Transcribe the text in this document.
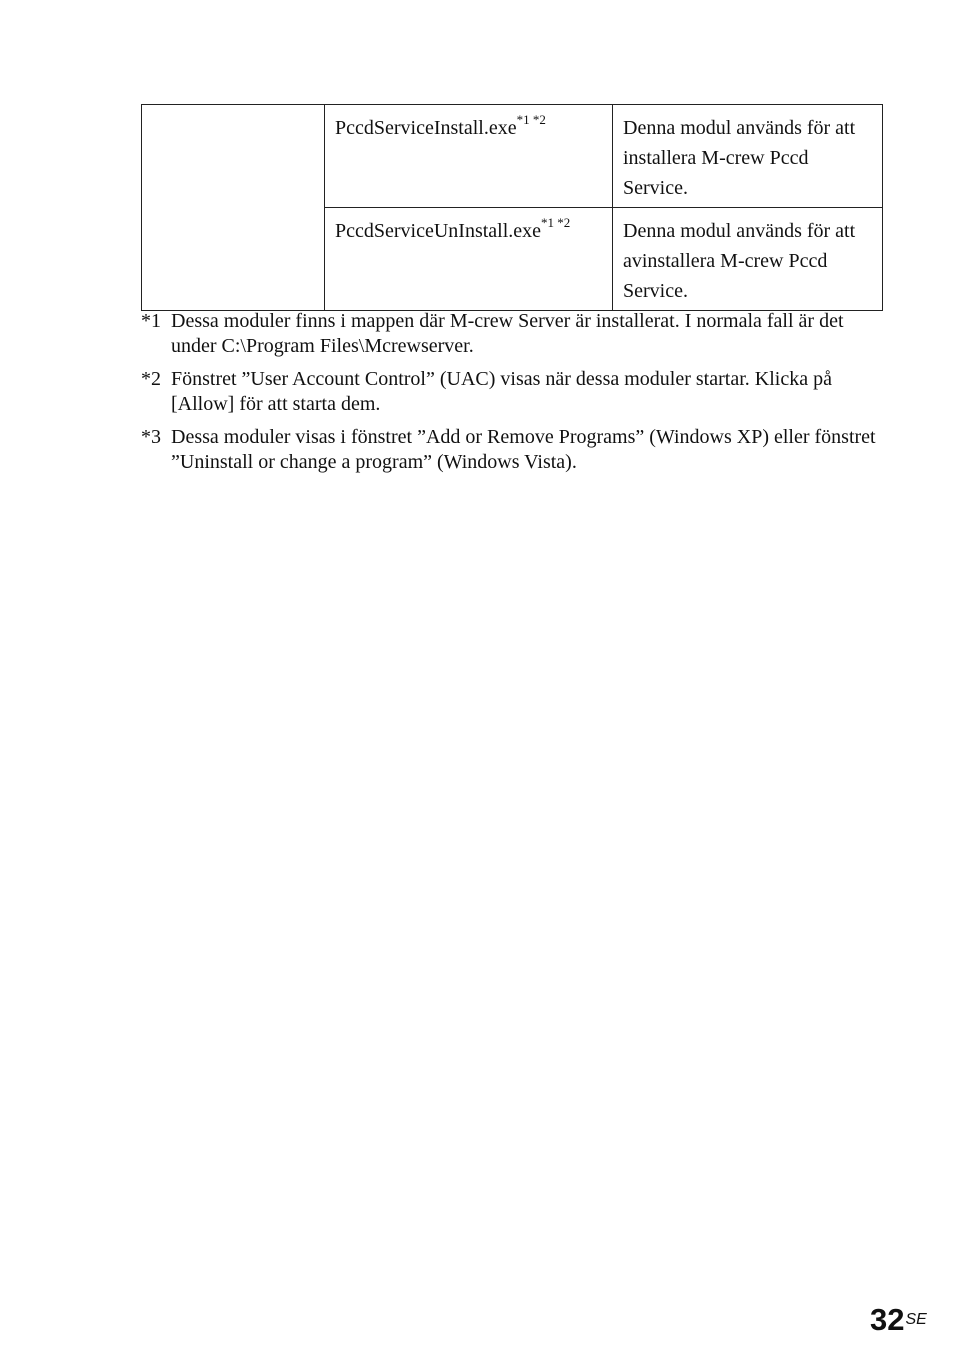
	PccdServiceInstall.exe$^{*1 *2}$	Denna modul används för att installera M-crew Pccd Service.
	PccdServiceUnInstall.exe$^{*1 *2}$	Denna modul används för att avinstallera M-crew Pccd Service.
*1 Dessa moduler finns i mappen där M-crew Server är installerat. I normala fall är det under C:\Program Files\Mcrewserver.
*2 Fönstret ”User Account Control” (UAC) visas när dessa moduler startar. Klicka på [Allow] för att starta dem.
*3 Dessa moduler visas i fönstret ”Add or Remove Programs” (Windows XP) eller fönstret ”Uninstall or change a program” (Windows Vista).
32SE
